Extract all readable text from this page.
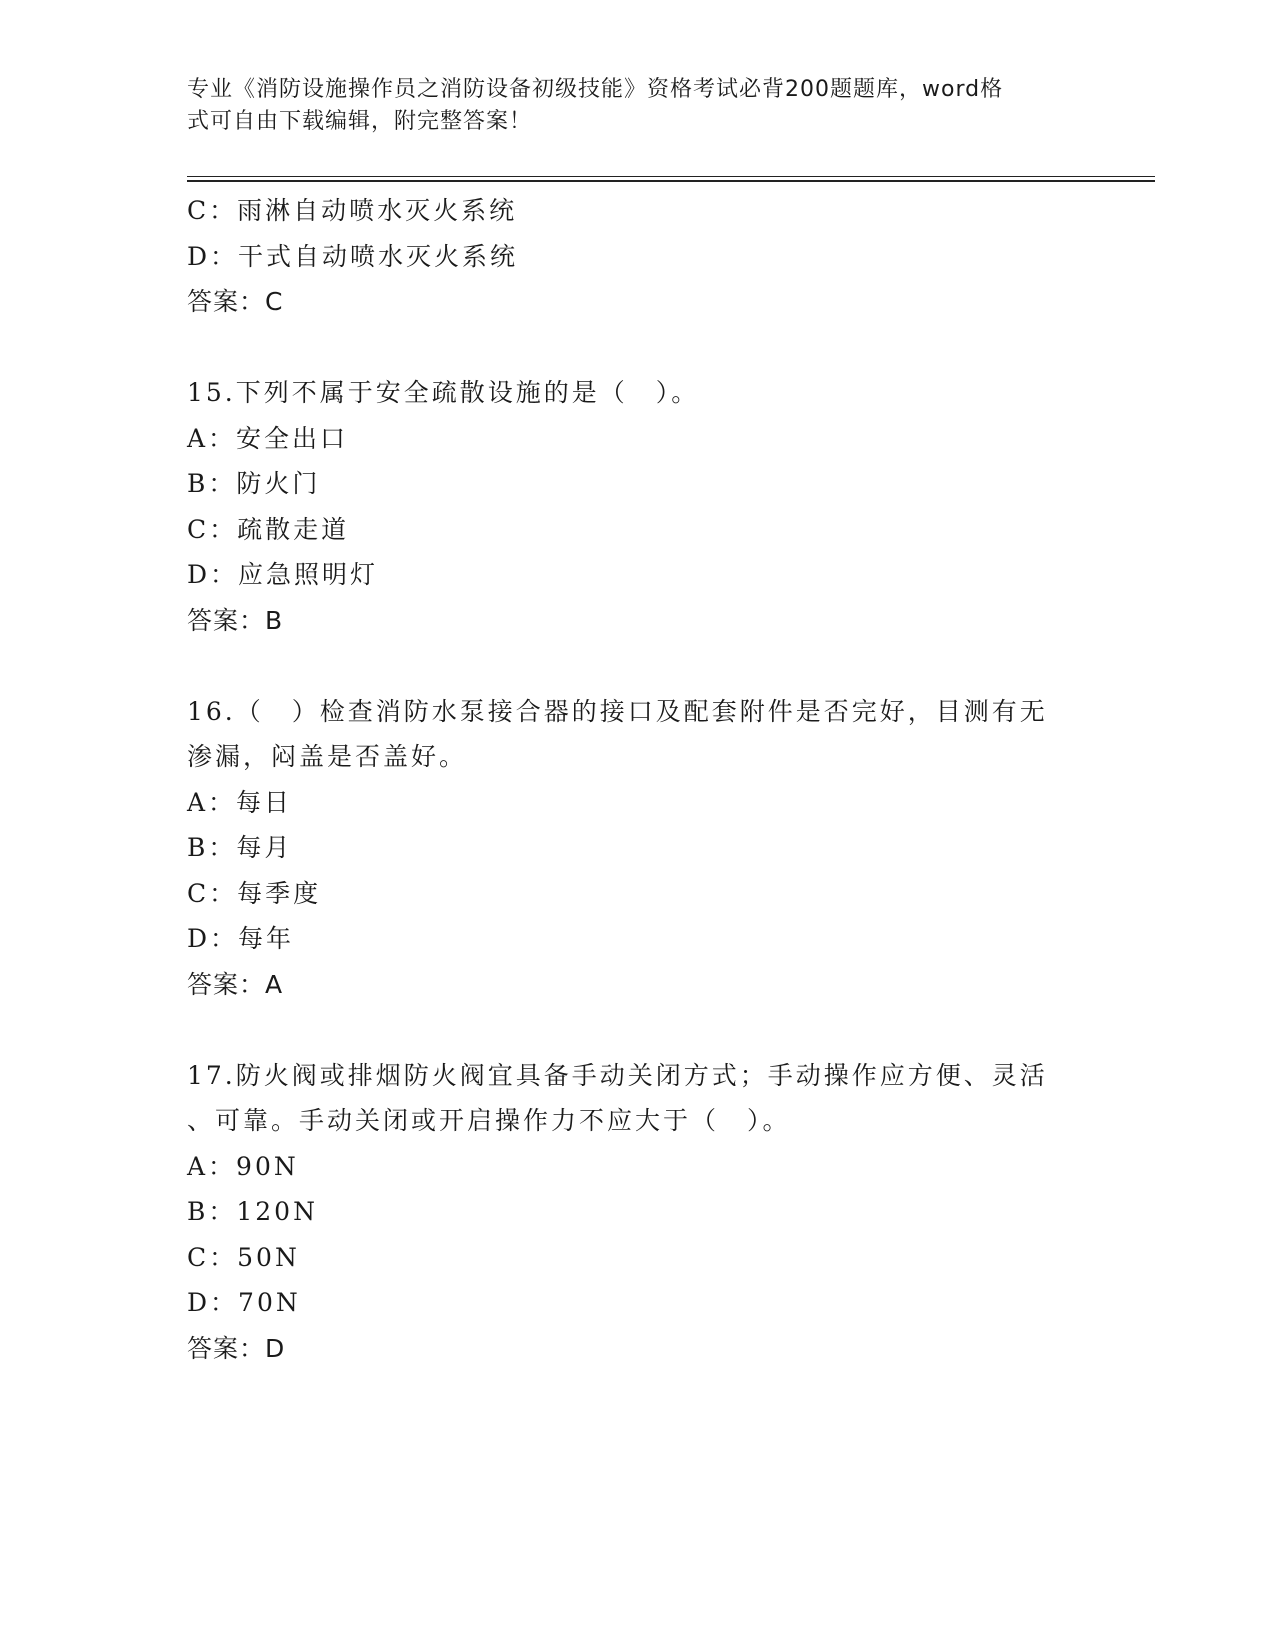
专业《消防设施操作员之消防设备初级技能》资格考试必背200题题库，word格
式可自由下载编辑，附完整答案！
C：雨淋自动喷水灭火系统
D：干式自动喷水灭火系统
答案：C
15.下列不属于安全疏散设施的是（　）。
A：安全出口
B：防火门
C：疏散走道
D：应急照明灯
答案：B
16.（　）检查消防水泵接合器的接口及配套附件是否完好，目测有无
渗漏，闷盖是否盖好。
A：每日
B：每月
C：每季度
D：每年
答案：A
17.防火阀或排烟防火阀宜具备手动关闭方式；手动操作应方便、灵活
、可靠。手动关闭或开启操作力不应大于（　）。
A：90N
B：120N
C：50N
D：70N
答案：D
